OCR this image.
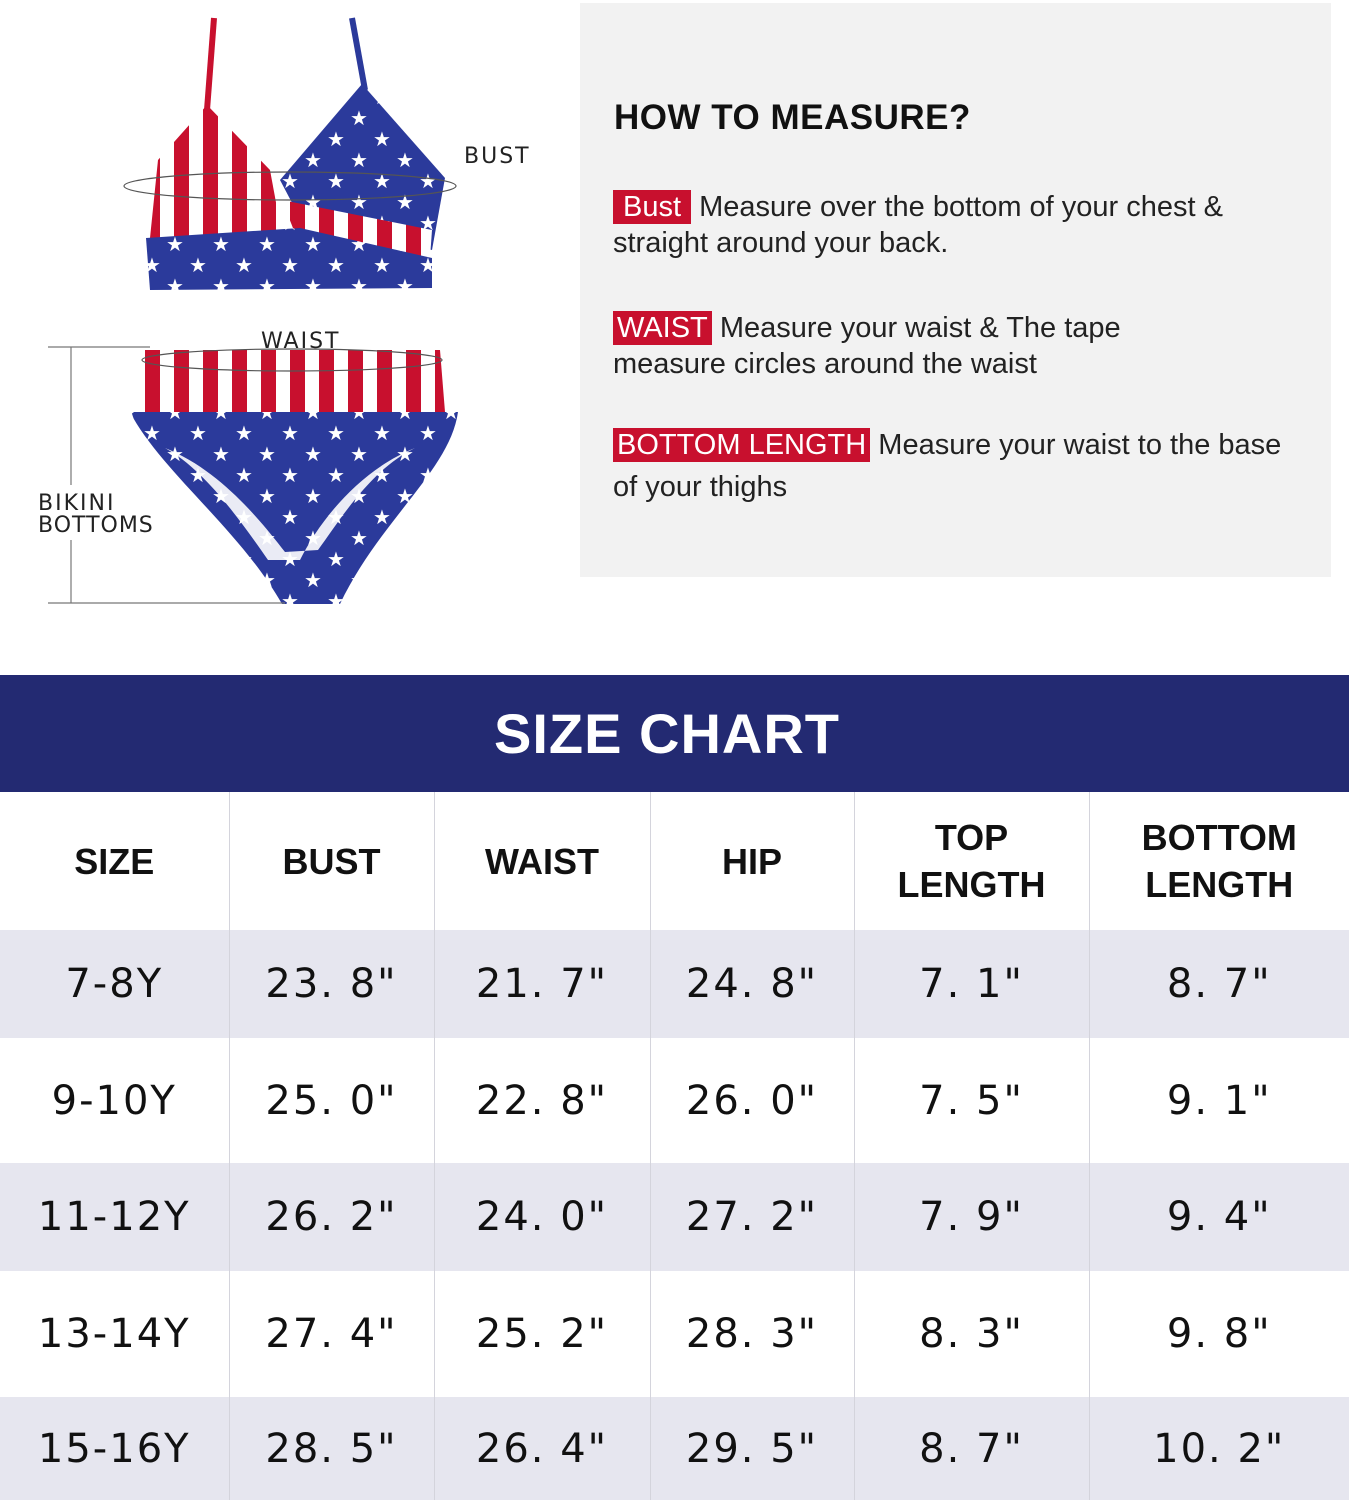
BUST
WAIST
BIKINI
BOTTOMS
HOW TO MEASURE?
Bust Measure over the bottom of your chest & straight around your back.
WAIST Measure your waist & The tape measure circles around the waist
BOTTOM LENGTH Measure your waist to the base of your thighs
SIZE CHART
SIZE	BUST	WAIST	HIP	TOP LENGTH	BOTTOM LENGTH
7-8Y	23. 8"	21. 7"	24. 8"	7. 1"	8. 7"
9-10Y	25. 0"	22. 8"	26. 0"	7. 5"	9. 1"
11-12Y	26. 2"	24. 0"	27. 2"	7. 9"	9. 4"
13-14Y	27. 4"	25. 2"	28. 3"	8. 3"	9. 8"
15-16Y	28. 5"	26. 4"	29. 5"	8. 7"	10. 2"
